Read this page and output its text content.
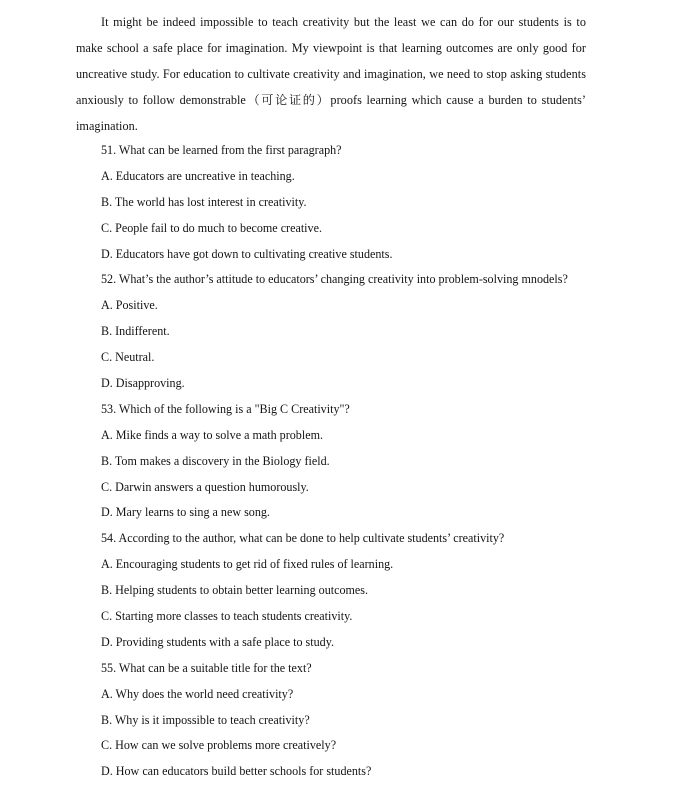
It might be indeed impossible to teach creativity but the least we can do for our students is to make school a safe place for imagination. My viewpoint is that learning outcomes are only good for uncreative study. For education to cultivate creativity and imagination, we need to stop asking students anxiously to follow demonstrable（可论证的）proofs learning which cause a burden to students’ imagination.

51. What can be learned from the first paragraph?
A. Educators are uncreative in teaching.
B. The world has lost interest in creativity.
C. People fail to do much to become creative.
D. Educators have got down to cultivating creative students.
52. What’s the author’s attitude to educators’ changing creativity into problem-solving mnodels?
A. Positive.
B. Indifferent.
C. Neutral.
D. Disapproving.
53. Which of the following is a "Big C Creativity"?
A. Mike finds a way to solve a math problem.
B. Tom makes a discovery in the Biology field.
C. Darwin answers a question humorously.
D. Mary learns to sing a new song.
54. According to the author, what can be done to help cultivate students’ creativity?
A. Encouraging students to get rid of fixed rules of learning.
B. Helping students to obtain better learning outcomes.
C. Starting more classes to teach students creativity.
D. Providing students with a safe place to study.
55. What can be a suitable title for the text?
A. Why does the world need creativity?
B. Why is it impossible to teach creativity?
C. How can we solve problems more creatively?
D. How can educators build better schools for students?
